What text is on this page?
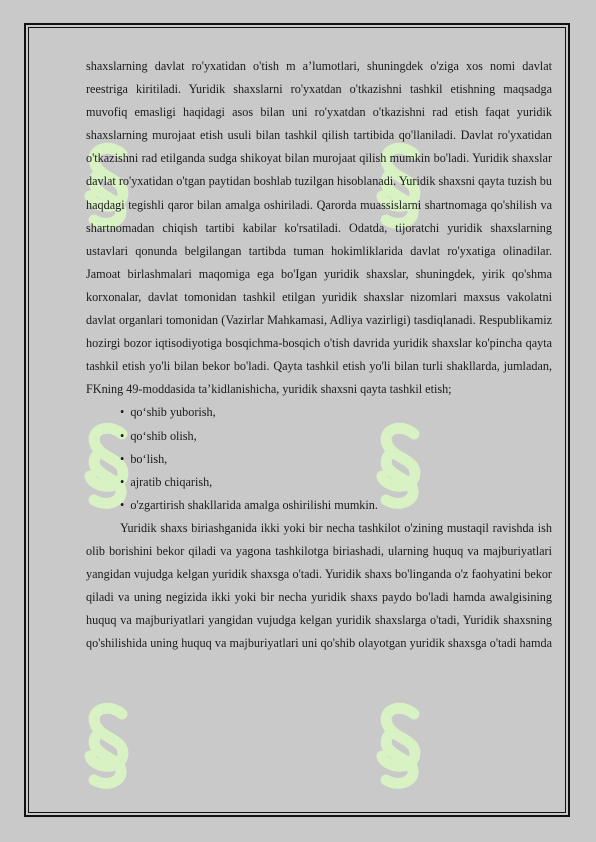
shaxslarning davlat ro'yxatidan o'tish m a’lumotlari, shuningdek o'ziga xos nomi davlat reestriga kiritiladi. Yuridik shaxslarni ro'yxatdan o'tkazishni tashkil etishning maqsadga muvofiq emasligi haqidagi asos bilan uni ro'yxatdan o'tkazishni rad etish faqat yuridik shaxslarning murojaat etish usuli bilan tashkil qilish tartibida qo'llaniladi. Davlat ro'yxatidan o'tkazishni rad etilganda sudga shikoyat bilan murojaat qilish mumkin bo'ladi. Yuridik shaxslar davlat ro'yxatidan o'tgan paytidan boshlab tuzilgan hisoblanadi. Yuridik shaxsni qayta tuzish bu haqdagi tegishli qaror bilan amalga oshiriladi. Qarorda muassislarni shartnomaga qo'shilish va shartnomadan chiqish tartibi kabilar ko'rsatiladi. Odatda, tijoratchi yuridik shaxslarning ustavlari qonunda belgilangan tartibda tuman hokimliklarida davlat ro'yxatiga olinadilar. Jamoat birlashmalari maqomiga ega bo'Igan yuridik shaxslar, shuningdek, yirik qo'shma korxonalar, davlat tomonidan tashkil etilgan yuridik shaxslar nizomlari maxsus vakolatni davlat organlari tomonidan (Vazirlar Mahkamasi, Adliya vazirligi) tasdiqlanadi. Respublikamiz hozirgi bozor iqtisodiyotiga bosqichma-bosqich o'tish davrida yuridik shaxslar ko'pincha qayta tashkil etish yo'li bilan bekor bo'ladi. Qayta tashkil etish yo'li bilan turli shakllarda, jumladan, FKning 49-moddasida ta’kidlanishicha, yuridik shaxsni qayta tashkil etish;

• qo‘shib yuborish,
• qo‘shib olish,
• bo‘lish,
• ajratib chiqarish,
• o'zgartirish shakllarida amalga oshirilishi mumkin.

Yuridik shaxs biriashganida ikki yoki bir necha tashkilot o'zining mustaqil ravishda ish olib borishini bekor qiladi va yagona tashkilotga biriashadi, ularning huquq va majburiyatlari yangidan vujudga kelgan yuridik shaxsga o'tadi. Yuridik shaxs bo'linganda o'z faohyatini bekor qiladi va uning negizida ikki yoki bir necha yuridik shaxs paydo bo'ladi hamda awalgisining huquq va majburiyatlari yangidan vujudga kelgan yuridik shaxslarga o'tadi, Yuridik shaxsning qo'shilishida uning huquq va majburiyatlari uni qo'shib olayotgan yuridik shaxsga o'tadi hamda
